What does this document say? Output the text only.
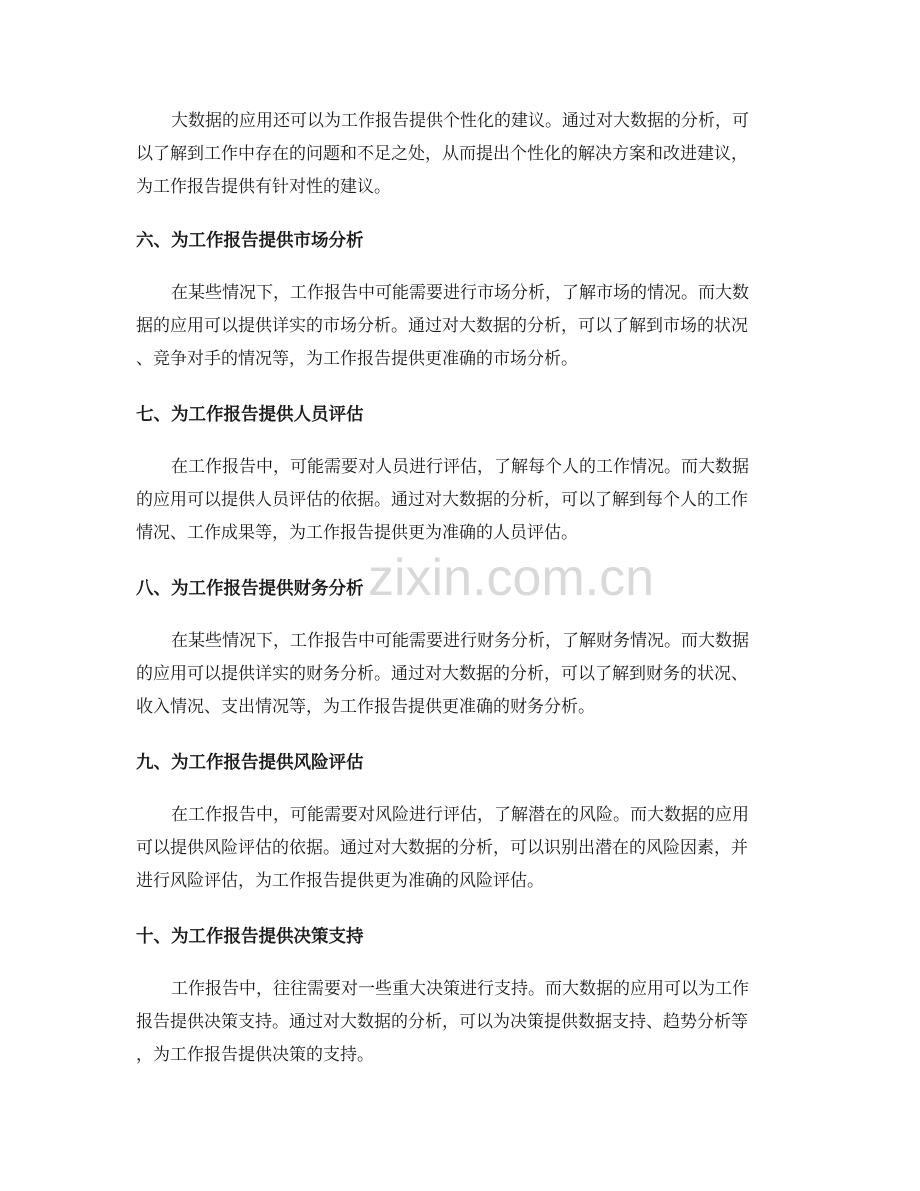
zixin.com.cn

大数据的应用还可以为工作报告提供个性化的建议。通过对大数据的分析，可
以了解到工作中存在的问题和不足之处，从而提出个性化的解决方案和改进建议，
为工作报告提供有针对性的建议。

六、为工作报告提供市场分析

在某些情况下，工作报告中可能需要进行市场分析，了解市场的情况。而大数
据的应用可以提供详实的市场分析。通过对大数据的分析，可以了解到市场的状况
、竞争对手的情况等，为工作报告提供更准确的市场分析。

七、为工作报告提供人员评估

在工作报告中，可能需要对人员进行评估，了解每个人的工作情况。而大数据
的应用可以提供人员评估的依据。通过对大数据的分析，可以了解到每个人的工作
情况、工作成果等，为工作报告提供更为准确的人员评估。

八、为工作报告提供财务分析

在某些情况下，工作报告中可能需要进行财务分析，了解财务情况。而大数据
的应用可以提供详实的财务分析。通过对大数据的分析，可以了解到财务的状况、
收入情况、支出情况等，为工作报告提供更准确的财务分析。

九、为工作报告提供风险评估

在工作报告中，可能需要对风险进行评估，了解潜在的风险。而大数据的应用
可以提供风险评估的依据。通过对大数据的分析，可以识别出潜在的风险因素，并
进行风险评估，为工作报告提供更为准确的风险评估。

十、为工作报告提供决策支持

工作报告中，往往需要对一些重大决策进行支持。而大数据的应用可以为工作
报告提供决策支持。通过对大数据的分析，可以为决策提供数据支持、趋势分析等
，为工作报告提供决策的支持。
